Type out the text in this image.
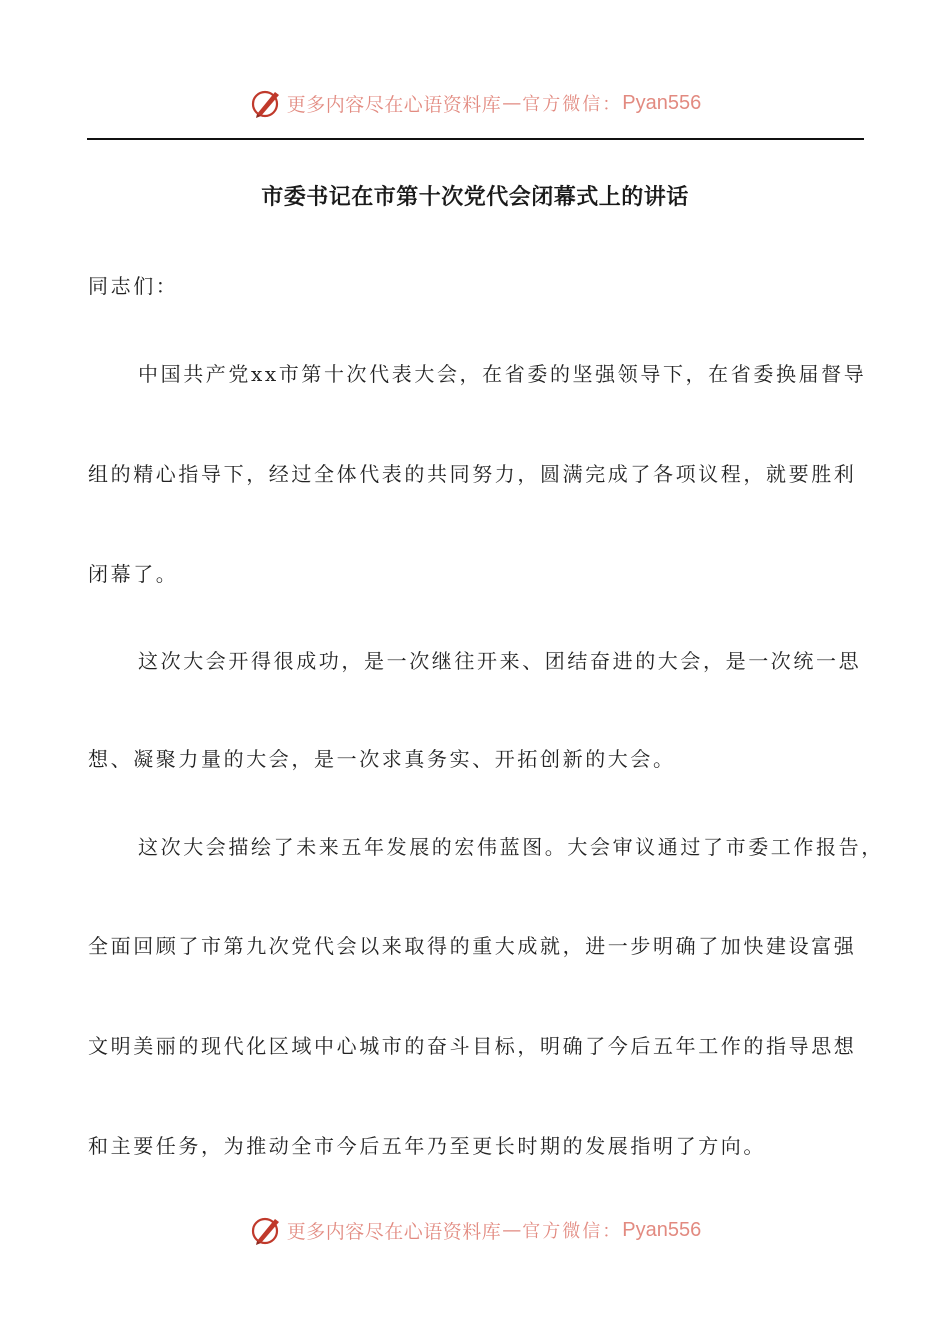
更多内容尽在心语资料库 — 官方微信： Pyan556
市委书记在市第十次党代会闭幕式上的讲话
同志们：
中国共产党xx市第十次代表大会，在省委的坚强领导下，在省委换届督导
组的精心指导下，经过全体代表的共同努力，圆满完成了各项议程，就要胜利
闭幕了。
这次大会开得很成功，是一次继往开来、团结奋进的大会，是一次统一思
想、凝聚力量的大会，是一次求真务实、开拓创新的大会。
这次大会描绘了未来五年发展的宏伟蓝图。大会审议通过了市委工作报告，
全面回顾了市第九次党代会以来取得的重大成就，进一步明确了加快建设富强
文明美丽的现代化区域中心城市的奋斗目标，明确了今后五年工作的指导思想
和主要任务，为推动全市今后五年乃至更长时期的发展指明了方向。
更多内容尽在心语资料库 — 官方微信： Pyan556
